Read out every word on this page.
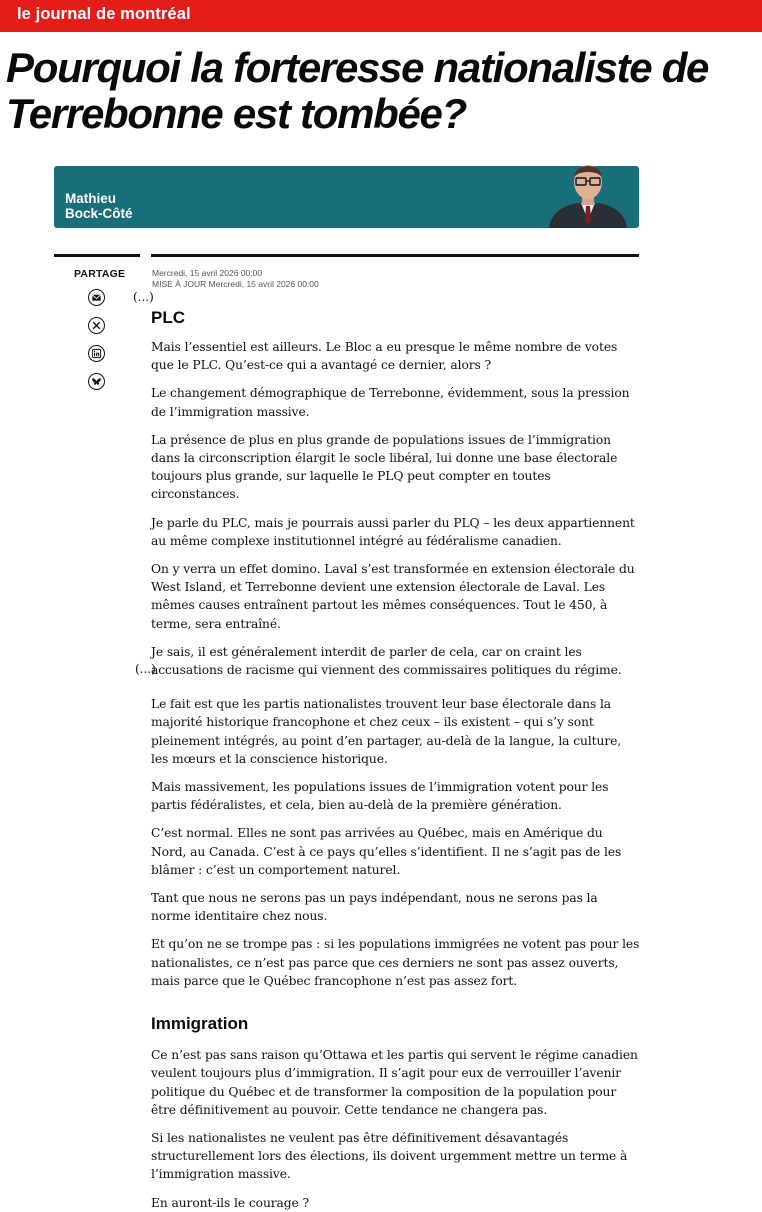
le journal de montréal
Pourquoi la forteresse nationaliste de Terrebonne est tombée?
Mathieu
Bock-Côté
PARTAGE	Mercredi, 15 avril 2026 00:00
MISE À JOUR Mercredi, 15 avril 2026 00:00
(...)
(...)
PLC

Mais l’essentiel est ailleurs. Le Bloc a eu presque le même nombre de votes que le PLC. Qu’est-ce qui a avantagé ce dernier, alors ?

Le changement démographique de Terrebonne, évidemment, sous la pression de l’immigration massive.

La présence de plus en plus grande de populations issues de l’immigration dans la circonscription élargit le socle libéral, lui donne une base électorale toujours plus grande, sur laquelle le PLQ peut compter en toutes circonstances.

Je parle du PLC, mais je pourrais aussi parler du PLQ – les deux appartiennent au même complexe institutionnel intégré au fédéralisme canadien.

On y verra un effet domino. Laval s’est transformée en extension électorale du West Island, et Terrebonne devient une extension électorale de Laval. Les mêmes causes entraînent partout les mêmes conséquences. Tout le 450, à terme, sera entraîné.

Je sais, il est généralement interdit de parler de cela, car on craint les accusations de racisme qui viennent des commissaires politiques du régime.

Le fait est que les partis nationalistes trouvent leur base électorale dans la majorité historique francophone et chez ceux – ils existent – qui s’y sont pleinement intégrés, au point d’en partager, au-delà de la langue, la culture, les mœurs et la conscience historique.

Mais massivement, les populations issues de l’immigration votent pour les partis fédéralistes, et cela, bien au-delà de la première génération.

C’est normal. Elles ne sont pas arrivées au Québec, mais en Amérique du Nord, au Canada. C’est à ce pays qu’elles s’identifient. Il ne s’agit pas de les blâmer : c’est un comportement naturel.

Tant que nous ne serons pas un pays indépendant, nous ne serons pas la norme identitaire chez nous.

Et qu’on ne se trompe pas : si les populations immigrées ne votent pas pour les nationalistes, ce n’est pas parce que ces derniers ne sont pas assez ouverts, mais parce que le Québec francophone n’est pas assez fort.

Immigration

Ce n’est pas sans raison qu’Ottawa et les partis qui servent le régime canadien veulent toujours plus d’immigration. Il s’agit pour eux de verrouiller l’avenir politique du Québec et de transformer la composition de la population pour être définitivement au pouvoir. Cette tendance ne changera pas.

Si les nationalistes ne veulent pas être définitivement désavantagés structurellement lors des élections, ils doivent urgemment mettre un terme à l’immigration massive.

En auront-ils le courage ?
